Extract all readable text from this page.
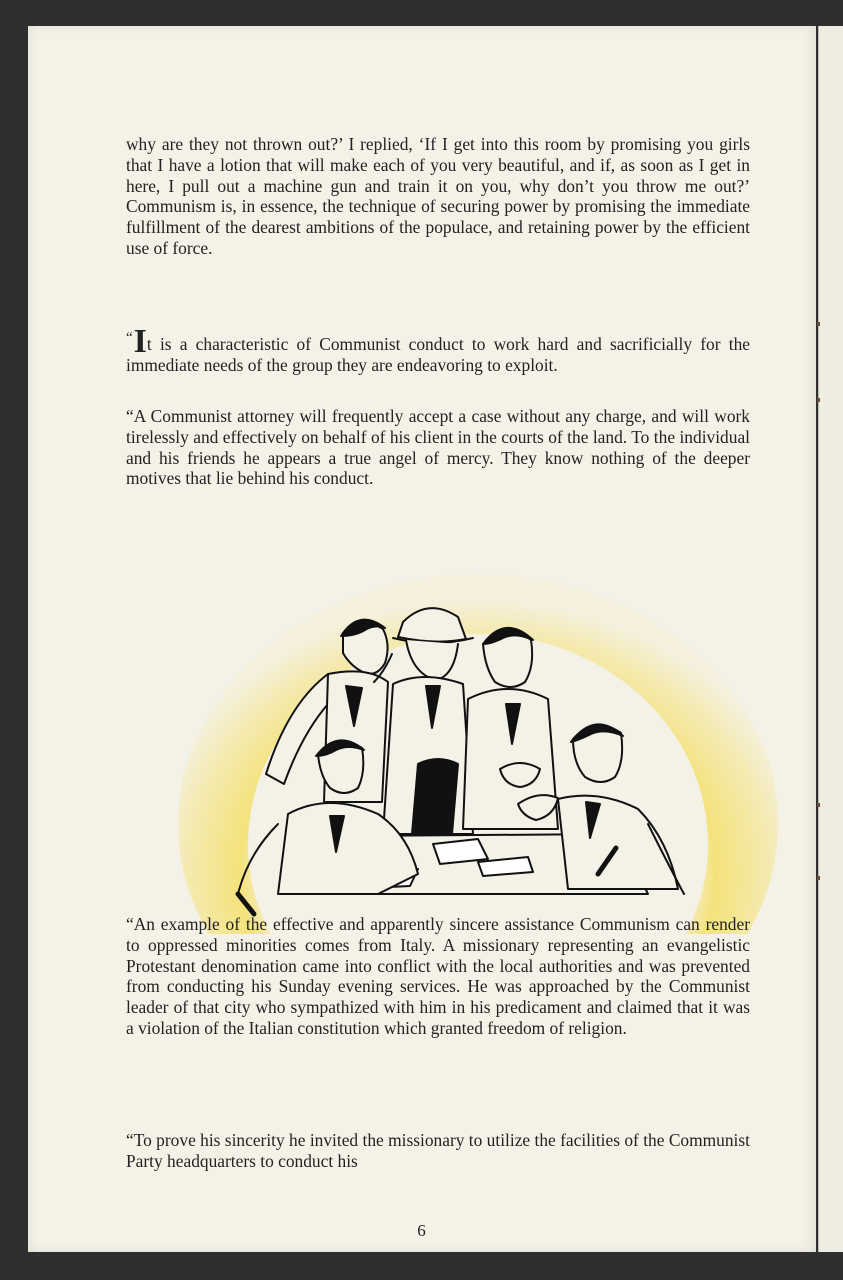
why are they not thrown out?’ I replied, ‘If I get into this room by promising you girls that I have a lotion that will make each of you very beautiful, and if, as soon as I get in here, I pull out a machine gun and train it on you, why don’t you throw me out?’ Communism is, in essence, the technique of securing power by promising the immediate fulfillment of the dearest ambitions of the populace, and retaining power by the efficient use of force.

“It is a characteristic of Communist conduct to work hard and sacrificially for the immediate needs of the group they are endeavoring to exploit.

“A Communist attorney will frequently accept a case without any charge, and will work tirelessly and effectively on behalf of his client in the courts of the land. To the individual and his friends he appears a true angel of mercy. They know nothing of the deeper motives that lie behind his conduct.

“An example of the effective and apparently sincere assistance Communism can render to oppressed minorities comes from Italy. A missionary representing an evangelistic Protestant denomination came into conflict with the local authorities and was prevented from conducting his Sunday evening services. He was approached by the Communist leader of that city who sympathized with him in his predicament and claimed that it was a violation of the Italian constitution which granted freedom of religion.

“To prove his sincerity he invited the missionary to utilize the facilities of the Communist Party headquarters to conduct his

6
